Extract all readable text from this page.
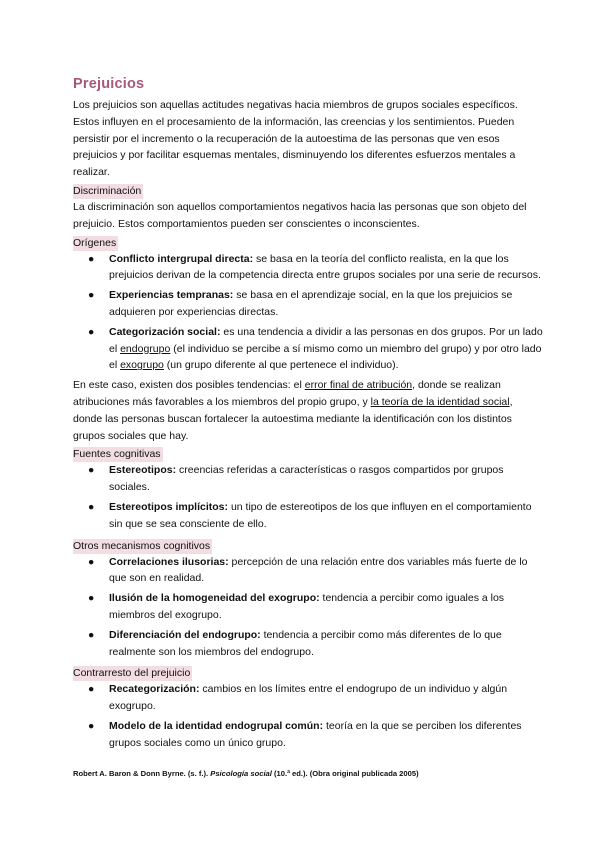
Prejuicios

Los prejuicios son aquellas actitudes negativas hacia miembros de grupos sociales específicos. Estos influyen en el procesamiento de la información, las creencias y los sentimientos. Pueden persistir por el incremento o la recuperación de la autoestima de las personas que ven esos prejuicios y por facilitar esquemas mentales, disminuyendo los diferentes esfuerzos mentales a realizar.

Discriminación

La discriminación son aquellos comportamientos negativos hacia las personas que son objeto del prejuicio. Estos comportamientos pueden ser conscientes o inconscientes.

Orígenes
● Conflicto intergrupal directa: se basa en la teoría del conflicto realista, en la que los prejuicios derivan de la competencia directa entre grupos sociales por una serie de recursos.
● Experiencias tempranas: se basa en el aprendizaje social, en la que los prejuicios se adquieren por experiencias directas.
● Categorización social: es una tendencia a dividir a las personas en dos grupos. Por un lado el endogrupo (el individuo se percibe a sí mismo como un miembro del grupo) y por otro lado el exogrupo (un grupo diferente al que pertenece el individuo).

En este caso, existen dos posibles tendencias: el error final de atribución, donde se realizan atribuciones más favorables a los miembros del propio grupo, y la teoría de la identidad social, donde las personas buscan fortalecer la autoestima mediante la identificación con los distintos grupos sociales que hay.

Fuentes cognitivas
● Estereotipos: creencias referidas a características o rasgos compartidos por grupos sociales.
● Estereotipos implícitos: un tipo de estereotipos de los que influyen en el comportamiento sin que se sea consciente de ello.
Otros mecanismos cognitivos
● Correlaciones ilusorias: percepción de una relación entre dos variables más fuerte de lo que son en realidad.
● Ilusión de la homogeneidad del exogrupo: tendencia a percibir como iguales a los miembros del exogrupo.
● Diferenciación del endogrupo: tendencia a percibir como más diferentes de lo que realmente son los miembros del endogrupo.
Contrarresto del prejuicio
● Recategorización: cambios en los límites entre el endogrupo de un individuo y algún exogrupo.
● Modelo de la identidad endogrupal común: teoría en la que se perciben los diferentes grupos sociales como un único grupo.

Robert A. Baron & Donn Byrne. (s. f.). Psicología social (10.ª ed.). (Obra original publicada 2005)
